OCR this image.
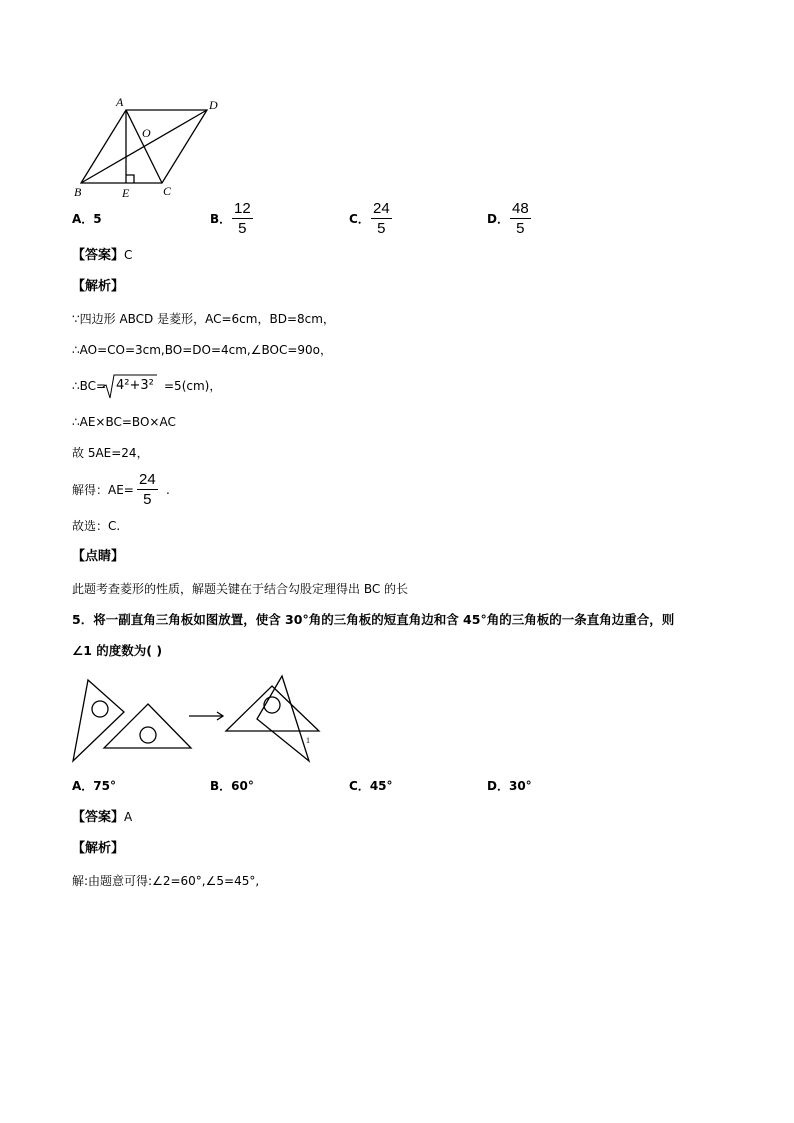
A	D
O
B	E	C
A．5	B． $\frac{12}{5}$	C． $\frac{24}{5}$	D． $\frac{48}{5}$
【答案】C
【解析】
∵四边形 ABCD 是菱形，AC=6cm，BD=8cm，
∴AO=CO=3cm,BO=DO=4cm,∠BOC=90o，
∴BC= 4²+3² =5(cm)，
∴AE×BC=BO×AC
故 5AE=24，
解得：$AE= \frac{24}{5}$ .
故选：C.
【点睛】
此题考查菱形的性质，解题关键在于结合勾股定理得出 BC 的长
5．将一副直角三角板如图放置，使含 30°角的三角板的短直角边和含 45°角的三角板的一条直角边重合，则
∠1 的度数为( )
1
A．75°	B．60°	C．45°	D．30°
【答案】A
【解析】
解:由题意可得:∠2=60°,∠5=45°,
